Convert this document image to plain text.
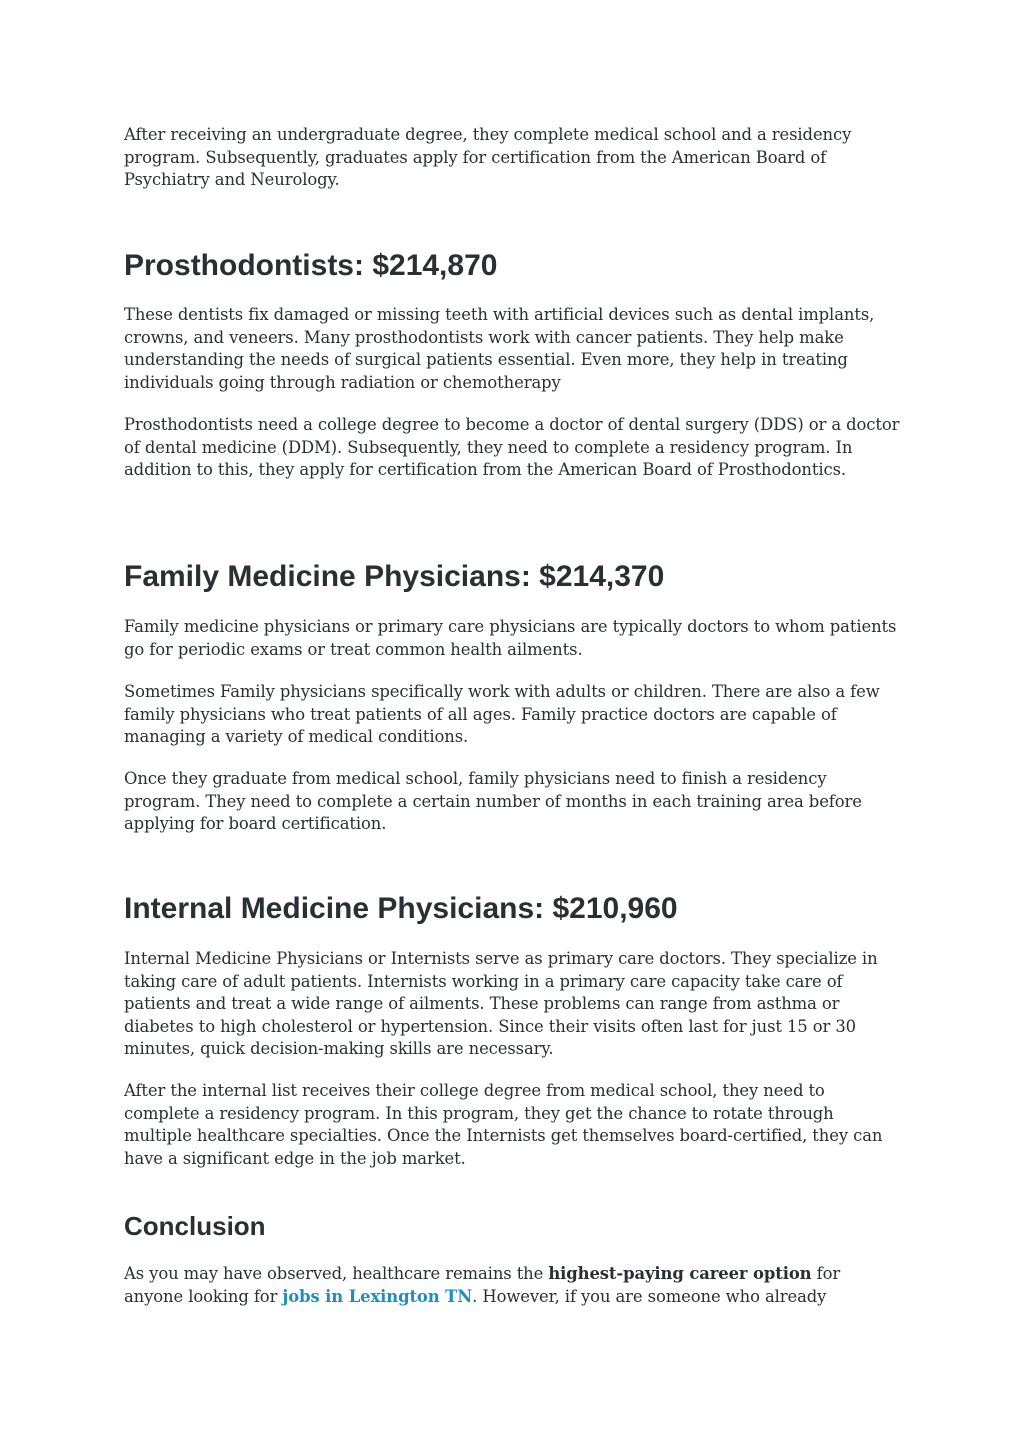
After receiving an undergraduate degree, they complete medical school and a residency program. Subsequently, graduates apply for certification from the American Board of Psychiatry and Neurology.

Prosthodontists: $214,870

These dentists fix damaged or missing teeth with artificial devices such as dental implants, crowns, and veneers. Many prosthodontists work with cancer patients. They help make understanding the needs of surgical patients essential. Even more, they help in treating individuals going through radiation or chemotherapy

Prosthodontists need a college degree to become a doctor of dental surgery (DDS) or a doctor of dental medicine (DDM). Subsequently, they need to complete a residency program. In addition to this, they apply for certification from the American Board of Prosthodontics.

Family Medicine Physicians: $214,370

Family medicine physicians or primary care physicians are typically doctors to whom patients go for periodic exams or treat common health ailments.

Sometimes Family physicians specifically work with adults or children. There are also a few family physicians who treat patients of all ages. Family practice doctors are capable of managing a variety of medical conditions.

Once they graduate from medical school, family physicians need to finish a residency program. They need to complete a certain number of months in each training area before applying for board certification.

Internal Medicine Physicians: $210,960

Internal Medicine Physicians or Internists serve as primary care doctors. They specialize in taking care of adult patients. Internists working in a primary care capacity take care of patients and treat a wide range of ailments. These problems can range from asthma or diabetes to high cholesterol or hypertension. Since their visits often last for just 15 or 30 minutes, quick decision-making skills are necessary.

After the internal list receives their college degree from medical school, they need to complete a residency program. In this program, they get the chance to rotate through multiple healthcare specialties. Once the Internists get themselves board-certified, they can have a significant edge in the job market.

Conclusion

As you may have observed, healthcare remains the highest-paying career option for anyone looking for jobs in Lexington TN. However, if you are someone who already
